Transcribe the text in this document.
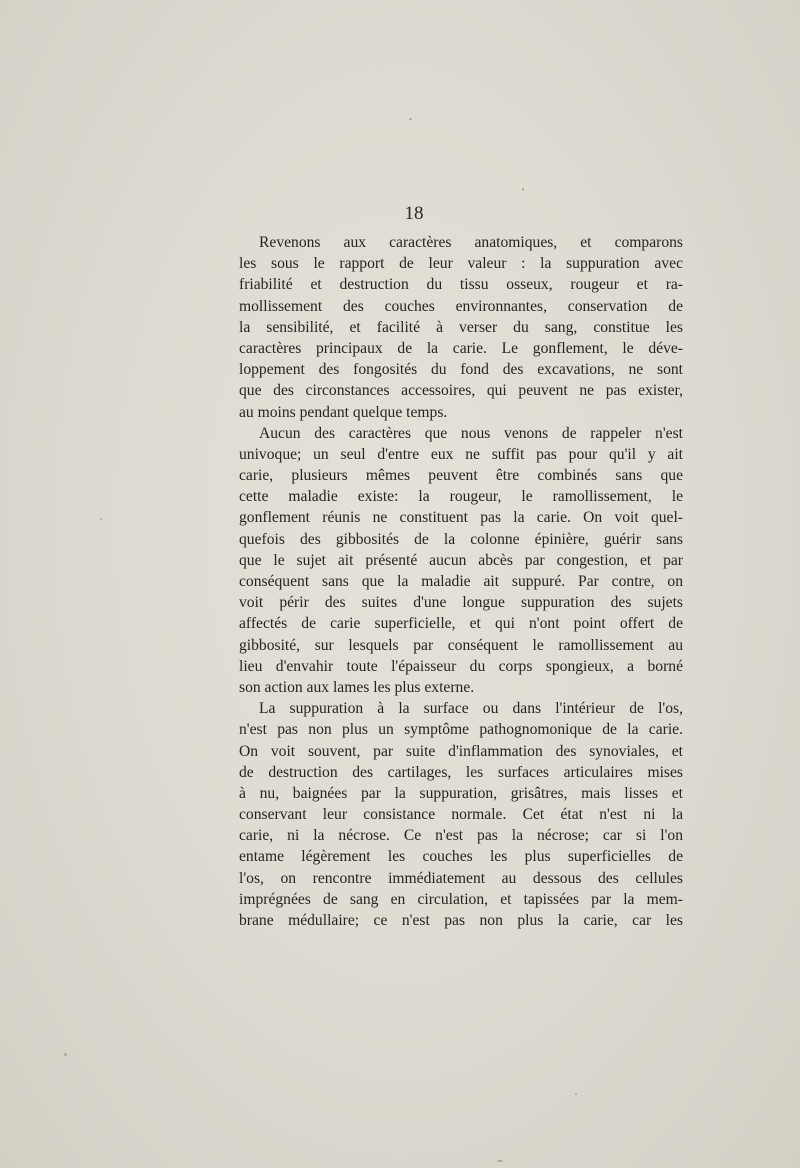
18
Revenons aux caractères anatomiques, et comparons
les sous le rapport de leur valeur : la suppuration avec
friabilité et destruction du tissu osseux, rougeur et ra-
mollissement des couches environnantes, conservation de
la sensibilité, et facilité à verser du sang, constitue les
caractères principaux de la carie. Le gonflement, le déve-
loppement des fongosités du fond des excavations, ne sont
que des circonstances accessoires, qui peuvent ne pas exister,
au moins pendant quelque temps.
Aucun des caractères que nous venons de rappeler n'est
univoque; un seul d'entre eux ne suffit pas pour qu'il y ait
carie, plusieurs mêmes peuvent être combinés sans que
cette maladie existe: la rougeur, le ramollissement, le
gonflement réunis ne constituent pas la carie. On voit quel-
quefois des gibbosités de la colonne épinière, guérir sans
que le sujet ait présenté aucun abcès par congestion, et par
conséquent sans que la maladie ait suppuré. Par contre, on
voit périr des suites d'une longue suppuration des sujets
affectés de carie superficielle, et qui n'ont point offert de
gibbosité, sur lesquels par conséquent le ramollissement au
lieu d'envahir toute l'épaisseur du corps spongieux, a borné
son action aux lames les plus externe.
La suppuration à la surface ou dans l'intérieur de l'os,
n'est pas non plus un symptôme pathognomonique de la carie.
On voit souvent, par suite d'inflammation des synoviales, et
de destruction des cartilages, les surfaces articulaires mises
à nu, baignées par la suppuration, grisâtres, mais lisses et
conservant leur consistance normale. Cet état n'est ni la
carie, ni la nécrose. Ce n'est pas la nécrose; car si l'on
entame légèrement les couches les plus superficielles de
l'os, on rencontre immédiatement au dessous des cellules
imprégnées de sang en circulation, et tapissées par la mem-
brane médullaire; ce n'est pas non plus la carie, car les
